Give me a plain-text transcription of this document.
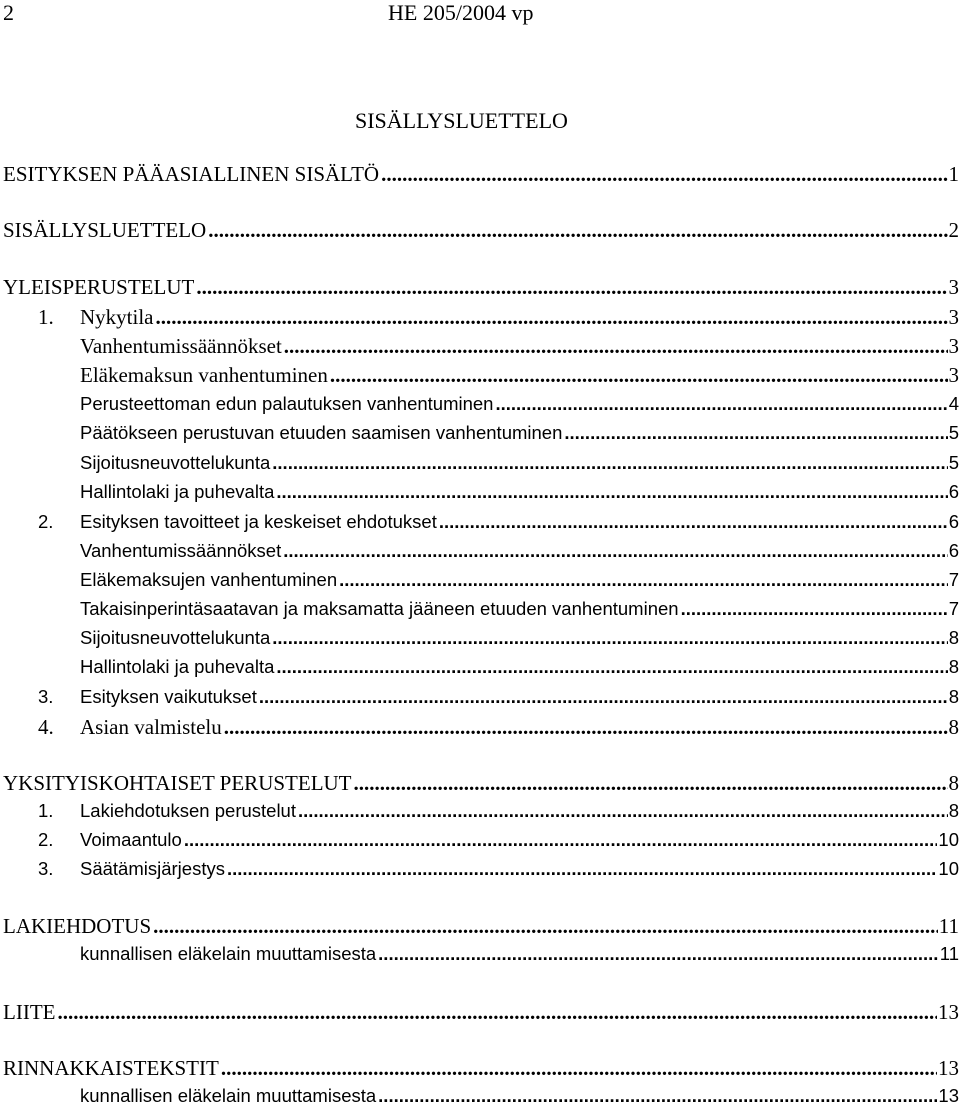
2	HE 205/2004 vp
SISÄLLYSLUETTELO
ESITYKSEN PÄÄASIALLINEN SISÄLTÖ .....	1
SISÄLLYSLUETTELO .....	2
YLEISPERUSTELUT .....	3
1.	Nykytila .....	3
Vanhentumissäännökset .....	3
Eläkemaksun vanhentuminen .....	3
Perusteettoman edun palautuksen vanhentuminen .....	4
Päätökseen perustuvan etuuden saamisen vanhentuminen .....	5
Sijoitusneuvottelukunta .....	5
Hallintolaki ja puhevalta .....	6
2.	Esityksen tavoitteet ja keskeiset ehdotukset .....	6
Vanhentumissäännökset .....	6
Eläkemaksujen vanhentuminen .....	7
Takaisinperintäsaatavan ja maksamatta jääneen etuuden vanhentuminen .....	7
Sijoitusneuvottelukunta .....	8
Hallintolaki ja puhevalta .....	8
3.	Esityksen vaikutukset .....	8
4.	Asian valmistelu .....	8
YKSITYISKOHTAISET PERUSTELUT .....	8
1.	Lakiehdotuksen perustelut .....	8
2.	Voimaantulo .....	10
3.	Säätämisjärjestys .....	10
LAKIEHDOTUS .....	11
kunnallisen eläkelain muuttamisesta .....	11
LIITE .....	13
RINNAKKAISTEKSTIT .....	13
kunnallisen eläkelain muuttamisesta .....	13
